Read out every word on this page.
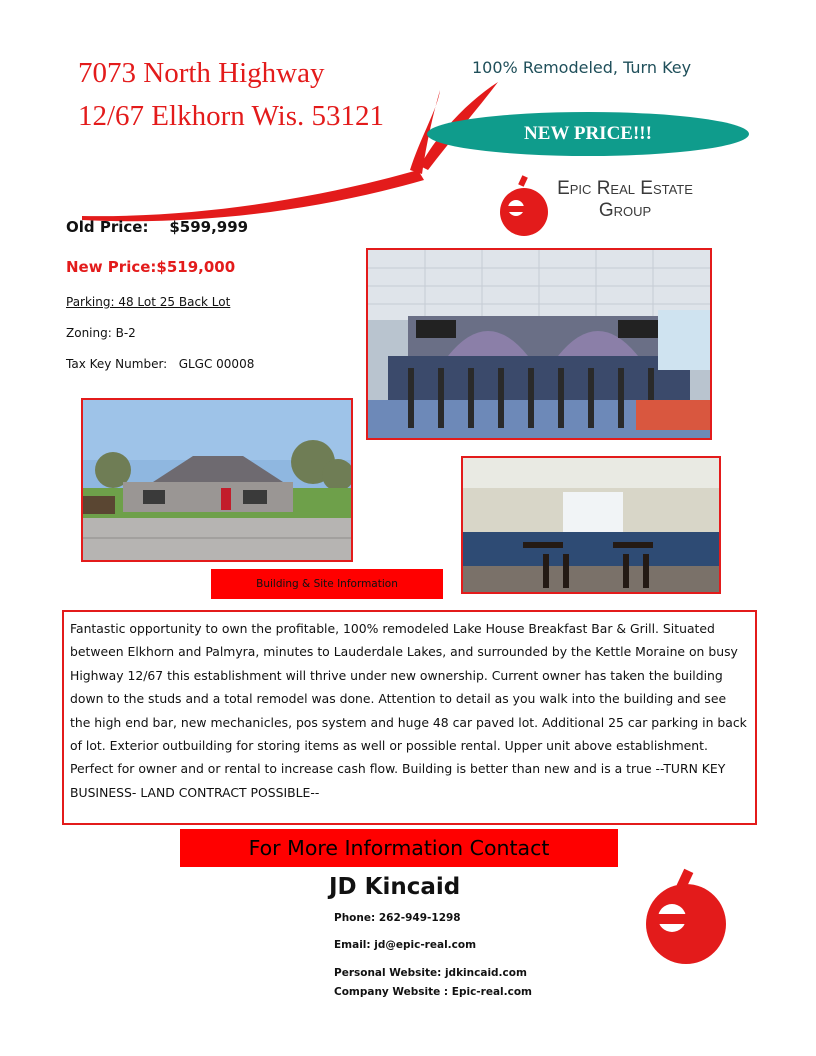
7073 North Highway
12/67 Elkhorn Wis. 53121
100% Remodeled, Turn Key
NEW PRICE!!!
Epic Real Estate
Group
Old Price: $599,999
New Price:$519,000
Parking: 48 Lot 25 Back Lot
Zoning: B-2
Tax Key Number: GLGC 00008
Building & Site Information
Fantastic opportunity to own the profitable, 100% remodeled Lake House Breakfast Bar & Grill. Situated between Elkhorn and Palmyra, minutes to Lauderdale Lakes, and surrounded by the Kettle Moraine on busy Highway 12/67 this establishment will thrive under new ownership. Current owner has taken the building down to the studs and a total remodel was done. Attention to detail as you walk into the building and see the high end bar, new mechanicles, pos system and huge 48 car paved lot. Additional 25 car parking in back of lot. Exterior outbuilding for storing items as well or possible rental. Upper unit above establishment. Perfect for owner and or rental to increase cash flow. Building is better than new and is a true --TURN KEY BUSINESS- LAND CONTRACT POSSIBLE--
For More Information Contact
JD Kincaid
Phone: 262-949-1298
Email: jd@epic-real.com
Personal Website: jdkincaid.com
Company Website : Epic-real.com
